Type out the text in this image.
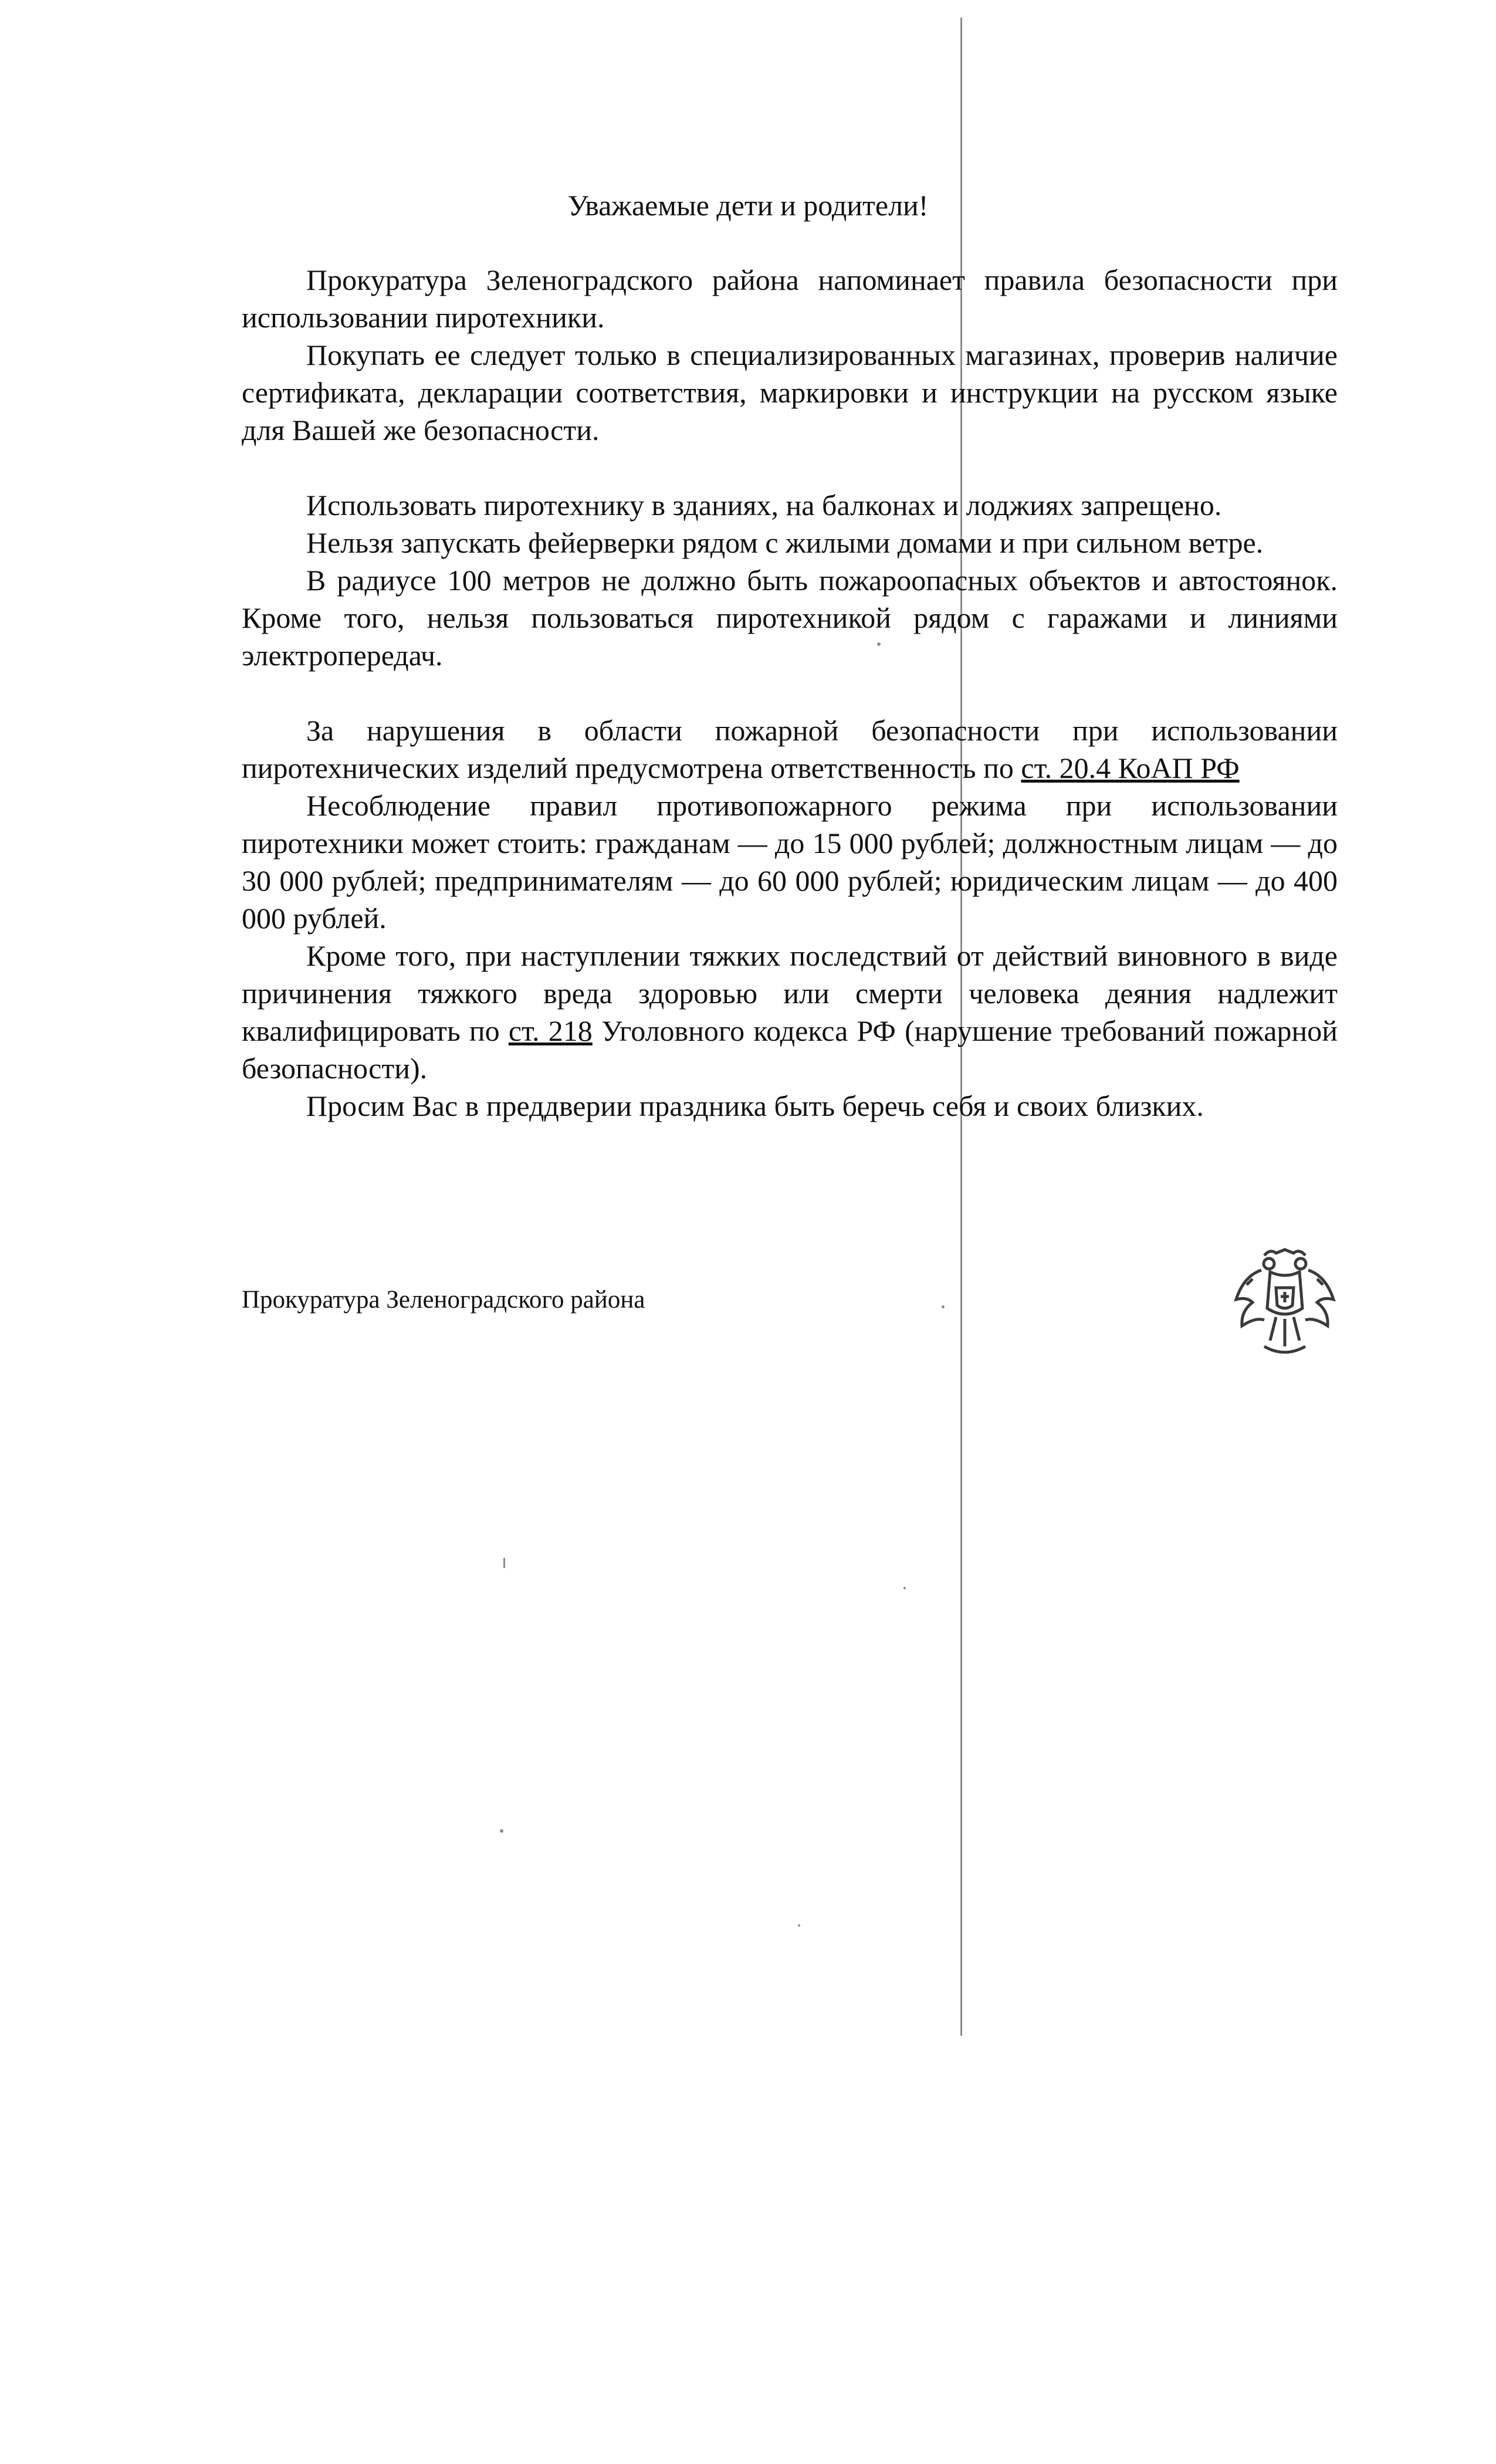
Уважаемые дети и родители!

Прокуратура Зеленоградского района напоминает правила безопасности при использовании пиротехники.

Покупать ее следует только в специализированных магазинах, проверив наличие сертификата, декларации соответствия, маркировки и инструкции на русском языке для Вашей же безопасности.

Использовать пиротехнику в зданиях, на балконах и лоджиях запрещено.

Нельзя запускать фейерверки рядом с жилыми домами и при сильном ветре.

В радиусе 100 метров не должно быть пожароопасных объектов и автостоянок. Кроме того, нельзя пользоваться пиротехникой рядом с гаражами и линиями электропередач.

За нарушения в области пожарной безопасности при использовании пиротехнических изделий предусмотрена ответственность по ст. 20.4 КоАП РФ

Несоблюдение правил противопожарного режима при использовании пиротехники может стоить: гражданам — до 15 000 рублей; должностным лицам — до 30 000 рублей; предпринимателям — до 60 000 рублей; юридическим лицам — до 400 000 рублей.

Кроме того, при наступлении тяжких последствий от действий виновного в виде причинения тяжкого вреда здоровью или смерти человека деяния надлежит квалифицировать по ст. 218 Уголовного кодекса РФ (нарушение требований пожарной безопасности).

Просим Вас в преддверии праздника быть беречь себя и своих близких.

Прокуратура Зеленоградского района
